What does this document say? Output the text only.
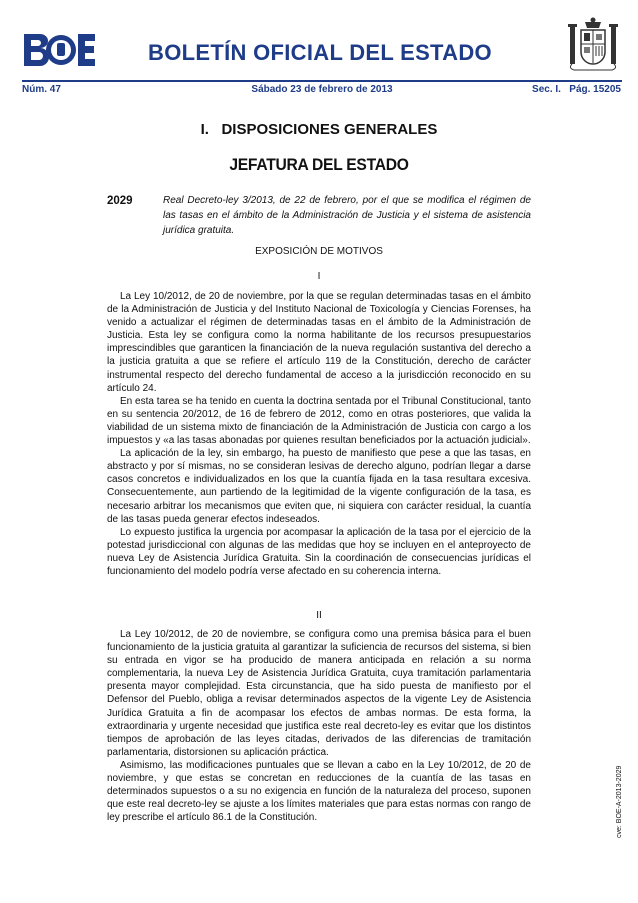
BOLETÍN OFICIAL DEL ESTADO
Núm. 47	Sábado 23 de febrero de 2013	Sec. I.   Pág. 15205
I.   DISPOSICIONES GENERALES
JEFATURA DEL ESTADO
2029	Real Decreto-ley 3/2013, de 22 de febrero, por el que se modifica el régimen de las tasas en el ámbito de la Administración de Justicia y el sistema de asistencia jurídica gratuita.
EXPOSICIÓN DE MOTIVOS
I

La Ley 10/2012, de 20 de noviembre, por la que se regulan determinadas tasas en el ámbito de la Administración de Justicia y del Instituto Nacional de Toxicología y Ciencias Forenses, ha venido a actualizar el régimen de determinadas tasas en el ámbito de la Administración de Justicia. Esta ley se configura como la norma habilitante de los recursos presupuestarios imprescindibles que garanticen la financiación de la nueva regulación sustantiva del derecho a la justicia gratuita a que se refiere el artículo 119 de la Constitución, derecho de carácter instrumental respecto del derecho fundamental de acceso a la jurisdicción reconocido en su artículo 24.

En esta tarea se ha tenido en cuenta la doctrina sentada por el Tribunal Constitucional, tanto en su sentencia 20/2012, de 16 de febrero de 2012, como en otras posteriores, que valida la viabilidad de un sistema mixto de financiación de la Administración de Justicia con cargo a los impuestos y «a las tasas abonadas por quienes resultan beneficiados por la actuación judicial».

La aplicación de la ley, sin embargo, ha puesto de manifiesto que pese a que las tasas, en abstracto y por sí mismas, no se consideran lesivas de derecho alguno, podrían llegar a darse casos concretos e individualizados en los que la cuantía fijada en la tasa resultara excesiva. Consecuentemente, aun partiendo de la legitimidad de la vigente configuración de la tasa, es necesario arbitrar los mecanismos que eviten que, ni siquiera con carácter residual, la cuantía de las tasas pueda generar efectos indeseados.

Lo expuesto justifica la urgencia por acompasar la aplicación de la tasa por el ejercicio de la potestad jurisdiccional con algunas de las medidas que hoy se incluyen en el anteproyecto de nueva Ley de Asistencia Jurídica Gratuita. Sin la coordinación de consecuencias jurídicas el funcionamiento del modelo podría verse afectado en su coherencia interna.

II

La Ley 10/2012, de 20 de noviembre, se configura como una premisa básica para el buen funcionamiento de la justicia gratuita al garantizar la suficiencia de recursos del sistema, si bien su entrada en vigor se ha producido de manera anticipada en relación a su norma complementaria, la nueva Ley de Asistencia Jurídica Gratuita, cuya tramitación parlamentaria presenta mayor complejidad. Esta circunstancia, que ha sido puesta de manifiesto por el Defensor del Pueblo, obliga a revisar determinados aspectos de la vigente Ley de Asistencia Jurídica Gratuita a fin de acompasar los efectos de ambas normas. De esta forma, la extraordinaria y urgente necesidad que justifica este real decreto-ley es evitar que los distintos tiempos de aprobación de las leyes citadas, derivados de las diferencias de tramitación parlamentaria, distorsionen su aplicación práctica.

Asimismo, las modificaciones puntuales que se llevan a cabo en la Ley 10/2012, de 20 de noviembre, y que estas se concretan en reducciones de la cuantía de las tasas en determinados supuestos o a su no exigencia en función de la naturaleza del proceso, suponen que este real decreto-ley se ajuste a los límites materiales que para estas normas con rango de ley prescribe el artículo 86.1 de la Constitución.	cve: BOE-A-2013-2029
